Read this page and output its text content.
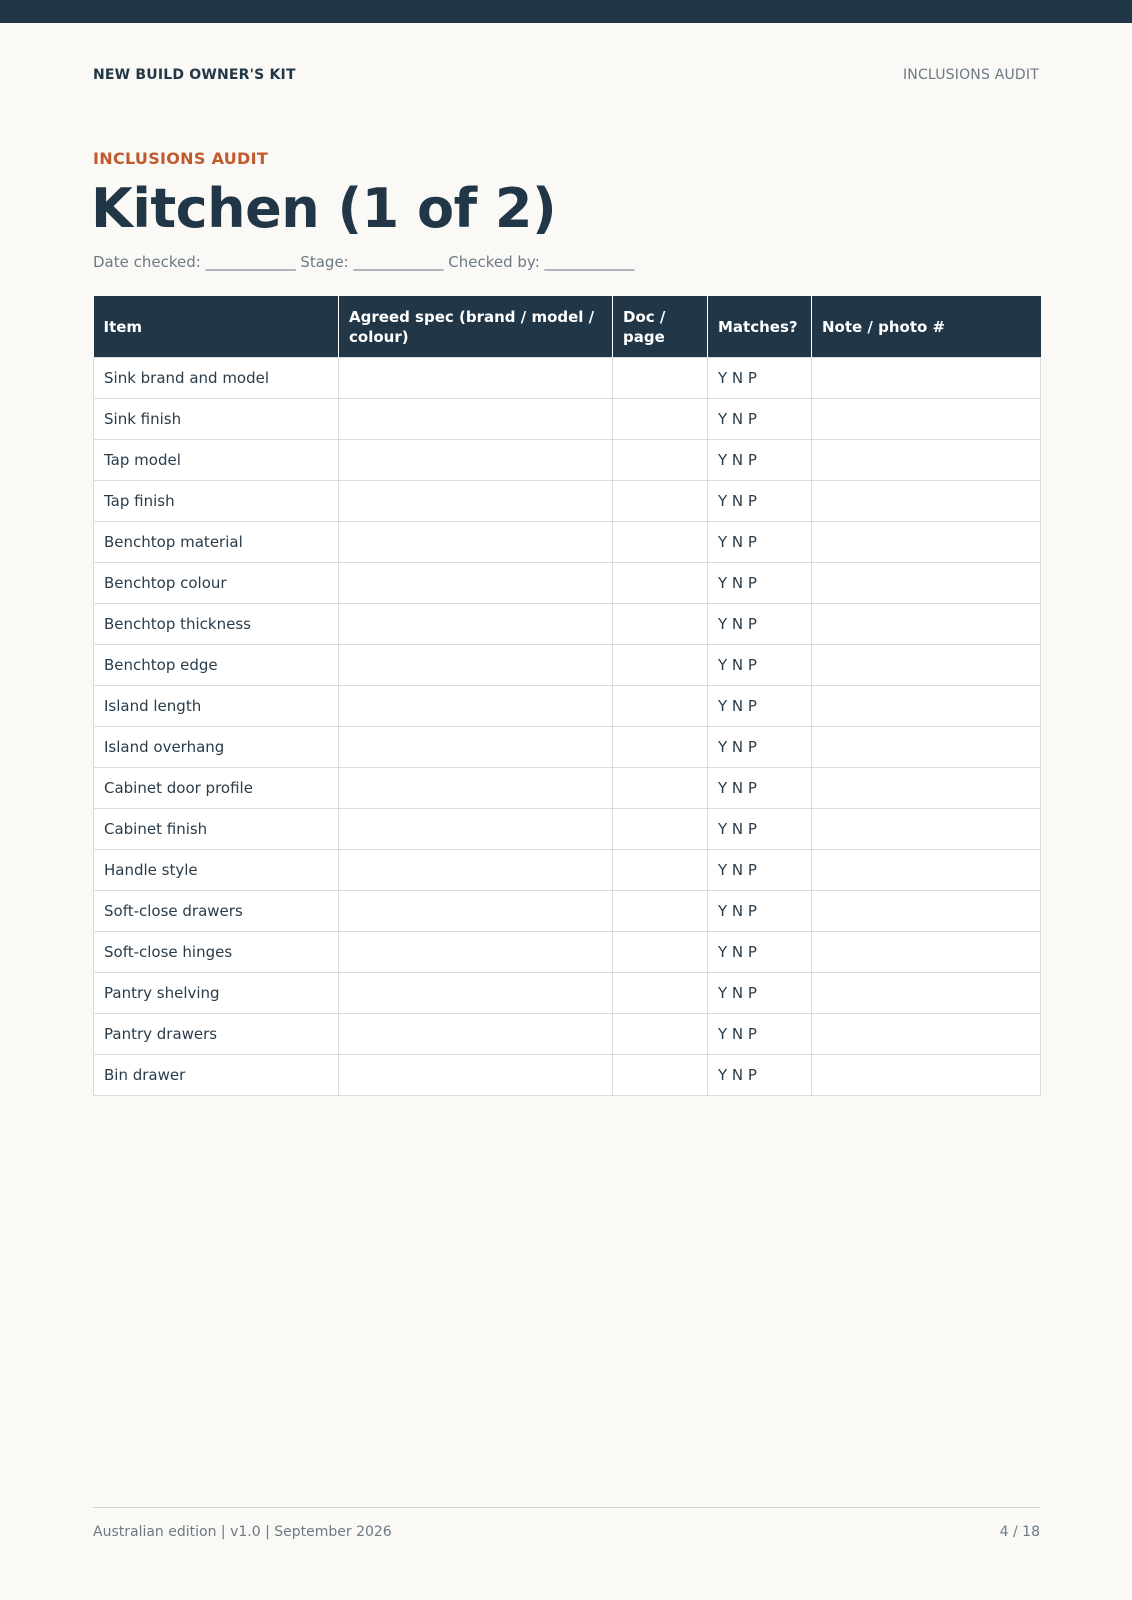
NEW BUILD OWNER'S KIT	INCLUSIONS AUDIT
INCLUSIONS AUDIT
Kitchen (1 of 2)
Date checked: ____________ Stage: ____________ Checked by: ____________
Item	Agreed spec (brand / model / colour)	Doc / page	Matches?	Note / photo #
Sink brand and model			Y N P	
Sink finish			Y N P	
Tap model			Y N P	
Tap finish			Y N P	
Benchtop material			Y N P	
Benchtop colour			Y N P	
Benchtop thickness			Y N P	
Benchtop edge			Y N P	
Island length			Y N P	
Island overhang			Y N P	
Cabinet door profile			Y N P	
Cabinet finish			Y N P	
Handle style			Y N P	
Soft-close drawers			Y N P	
Soft-close hinges			Y N P	
Pantry shelving			Y N P	
Pantry drawers			Y N P	
Bin drawer			Y N P	
Australian edition | v1.0 | September 2026	4 / 18
